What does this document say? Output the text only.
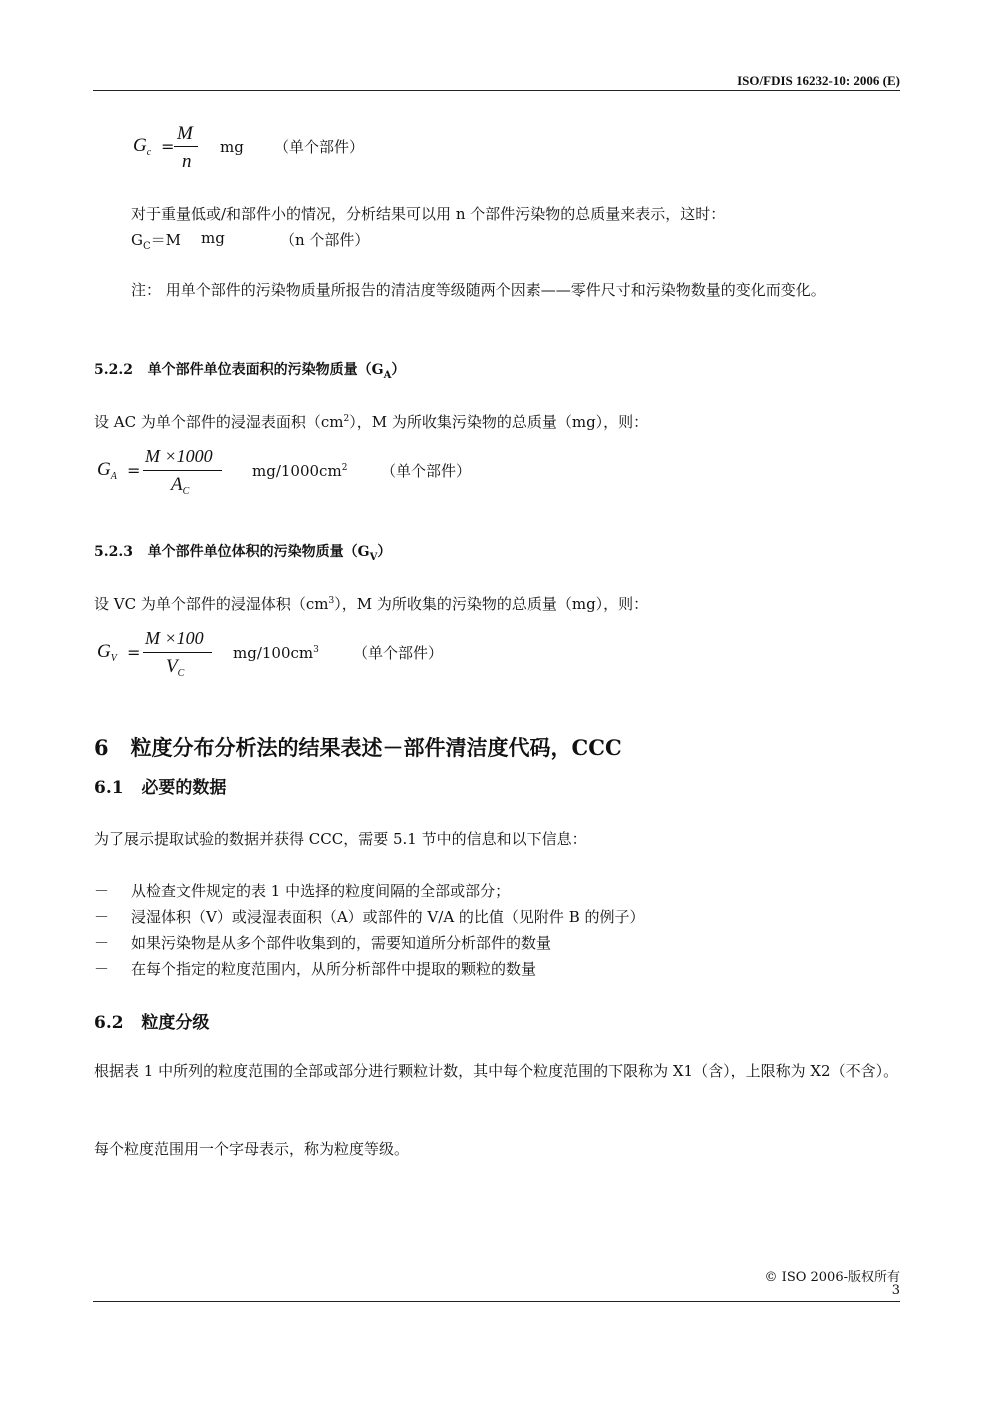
ISO/FDIS 16232-10: 2006 (E)
$G_c$ =
M
n
mg （单个部件）
对于重量低或/和部件小的情况，分析结果可以用 n 个部件污染物的总质量来表示，这时：
$G_C=M$ mg	（n 个部件）
注： 用单个部件的污染物质量所报告的清洁度等级随两个因素——零件尺寸和污染物数量的变化而变化。
5.2.2 单个部件单位表面积的污染物质量$(G_A)$
设 AC 为单个部件的浸湿表面积$(cm^2)$，M 为所收集污染物的总质量（mg），则：
$G_A$ =
M ×1000
$A_C$
$mg/1000cm^2$ （单个部件）
5.2.3 单个部件单位体积的污染物质量$(G_V)$
设 VC 为单个部件的浸湿体积$(cm^3)$，M 为所收集的污染物的总质量（mg），则：
$G_V$ =
M ×100
$V_C$
$mg/100cm^3$ （单个部件）
6 粒度分布分析法的结果表述－部件清洁度代码，CCC
6.1 必要的数据
为了展示提取试验的数据并获得 CCC，需要 5.1 节中的信息和以下信息：
－ 从检查文件规定的表 1 中选择的粒度间隔的全部或部分；
－ 浸湿体积（V）或浸湿表面积（A）或部件的 V/A 的比值（见附件 B 的例子）
－ 如果污染物是从多个部件收集到的，需要知道所分析部件的数量
－ 在每个指定的粒度范围内，从所分析部件中提取的颗粒的数量
6.2 粒度分级
根据表 1 中所列的粒度范围的全部或部分进行颗粒计数，其中每个粒度范围的下限称为 X1（含），上限称为 X2（不含）。
每个粒度范围用一个字母表示，称为粒度等级。
© ISO 2006-版权所有
3
